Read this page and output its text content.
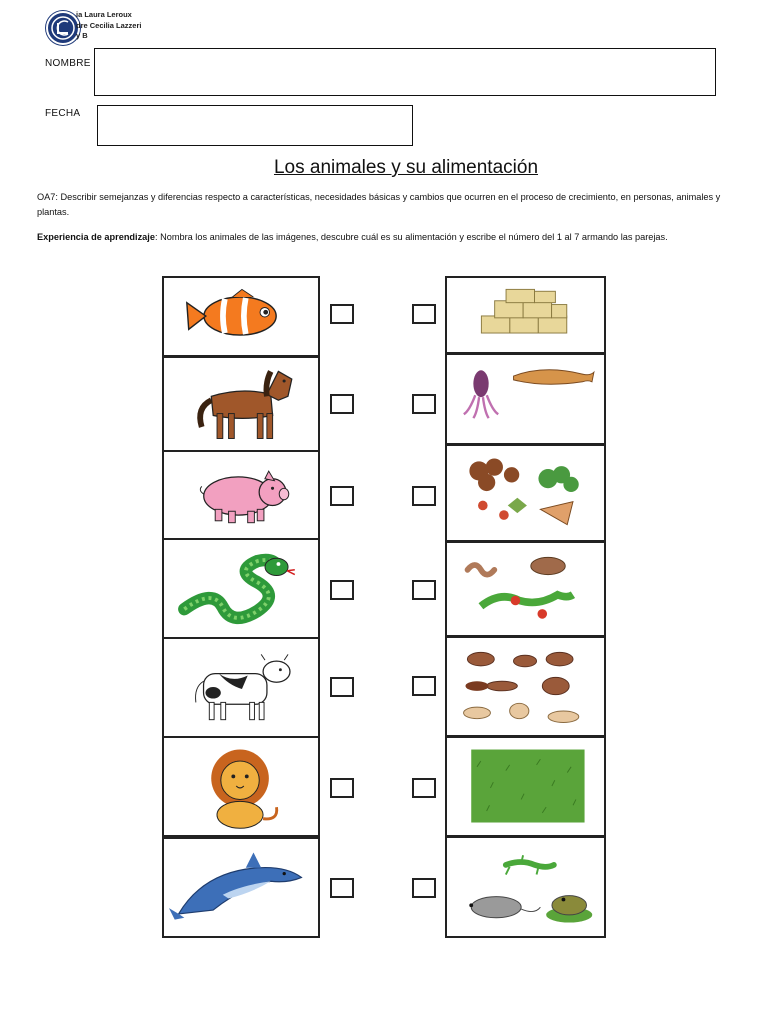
ia Laura Leroux
dre Cecilia Lazzeri
y B
NOMBRE
FECHA
Los animales y su alimentación
OA7: Describir semejanzas y diferencias respecto a características, necesidades básicas y cambios que ocurren en el proceso de crecimiento, en personas, animales y plantas.
Experiencia de aprendizaje: Nombra los animales de las imágenes, descubre cuál es su alimentación y escribe el número del 1 al 7 armando las parejas.
